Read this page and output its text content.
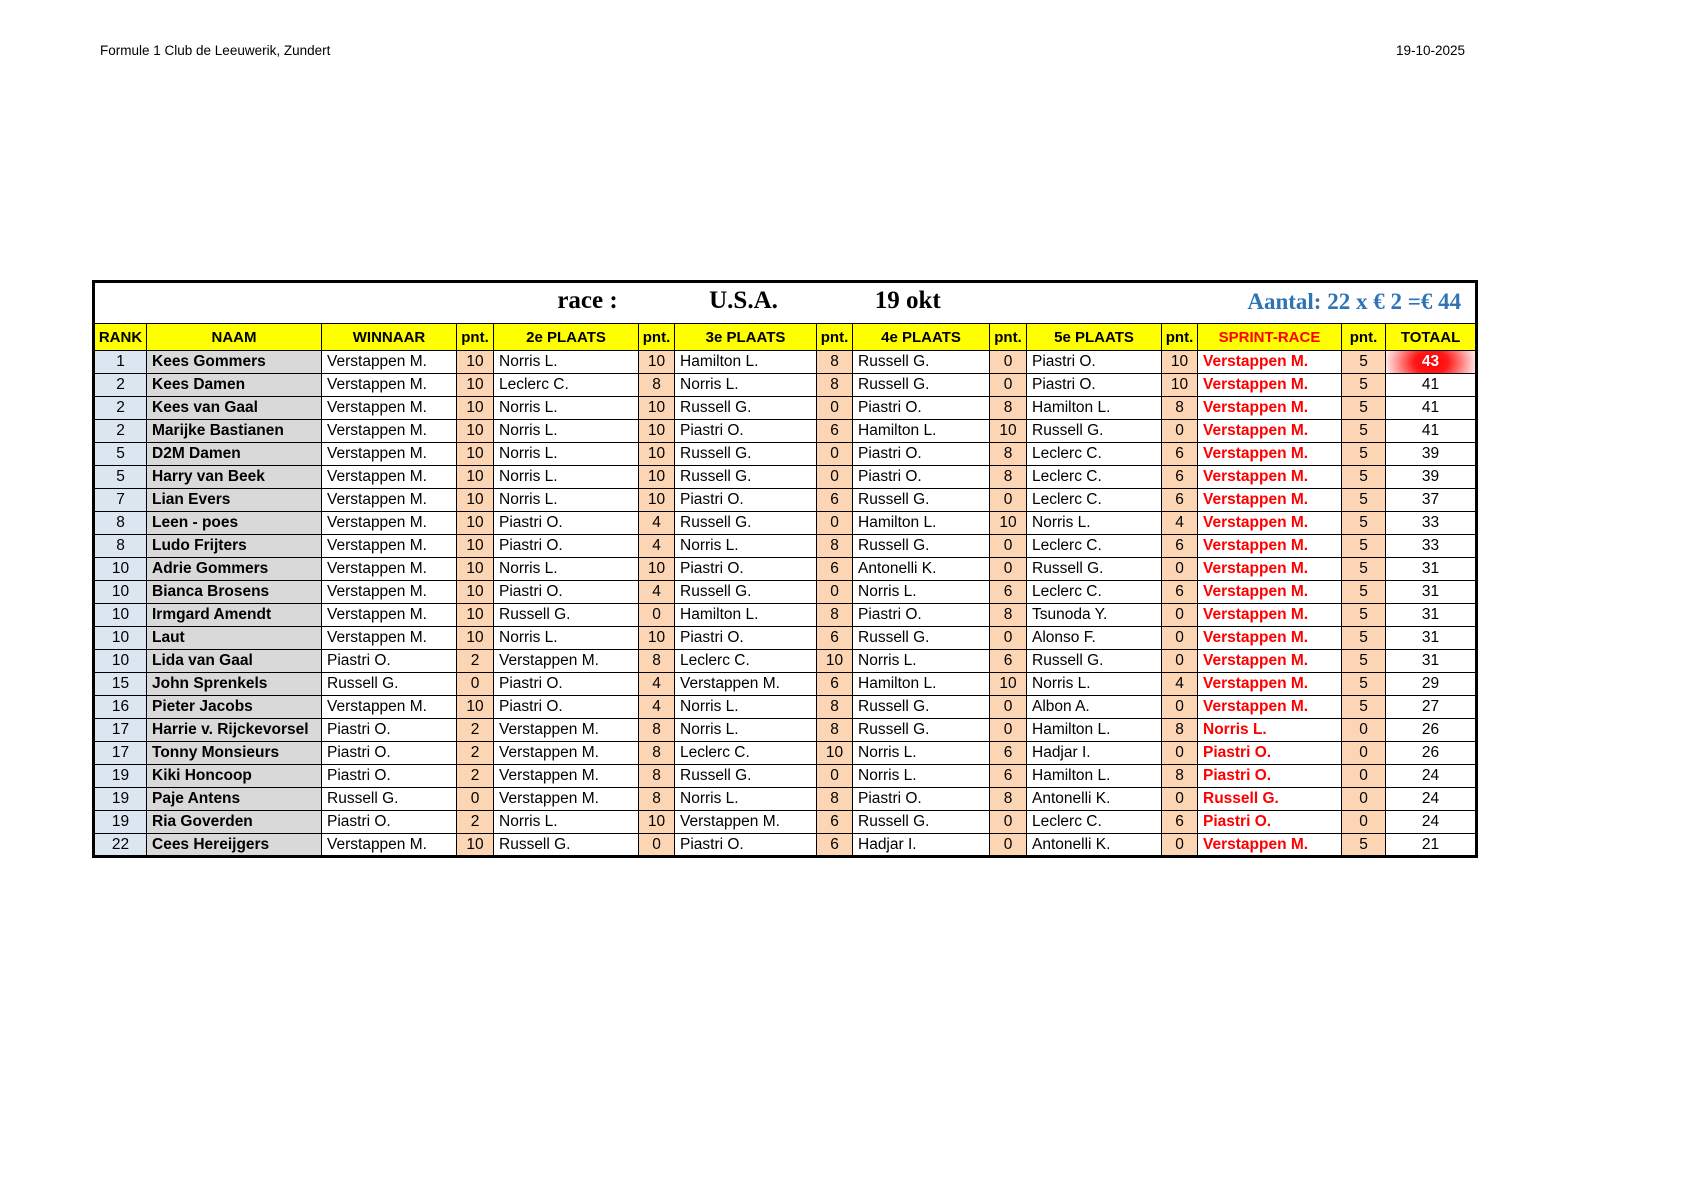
Formule 1 Club de Leeuwerik, Zundert	19-10-2025
race : U.S.A. 19 okt Aantal: 22 x € 2 =€ 44														

RANK	NAAM	WINNAAR	pnt.	2e PLAATS	pnt.	3e PLAATS	pnt.	4e PLAATS	pnt.	5e PLAATS	pnt.	SPRINT-RACE	pnt.	TOTAAL
1	Kees Gommers	Verstappen M.	10	Norris L.	10	Hamilton L.	8	Russell G.	0	Piastri O.	10	Verstappen M.	5	43
2	Kees Damen	Verstappen M.	10	Leclerc C.	8	Norris L.	8	Russell G.	0	Piastri O.	10	Verstappen M.	5	41
2	Kees van Gaal	Verstappen M.	10	Norris L.	10	Russell G.	0	Piastri O.	8	Hamilton L.	8	Verstappen M.	5	41
2	Marijke Bastianen	Verstappen M.	10	Norris L.	10	Piastri O.	6	Hamilton L.	10	Russell G.	0	Verstappen M.	5	41
5	D2M Damen	Verstappen M.	10	Norris L.	10	Russell G.	0	Piastri O.	8	Leclerc C.	6	Verstappen M.	5	39
5	Harry van Beek	Verstappen M.	10	Norris L.	10	Russell G.	0	Piastri O.	8	Leclerc C.	6	Verstappen M.	5	39
7	Lian Evers	Verstappen M.	10	Norris L.	10	Piastri O.	6	Russell G.	0	Leclerc C.	6	Verstappen M.	5	37
8	Leen - poes	Verstappen M.	10	Piastri O.	4	Russell G.	0	Hamilton L.	10	Norris L.	4	Verstappen M.	5	33
8	Ludo Frijters	Verstappen M.	10	Piastri O.	4	Norris L.	8	Russell G.	0	Leclerc C.	6	Verstappen M.	5	33
10	Adrie Gommers	Verstappen M.	10	Norris L.	10	Piastri O.	6	Antonelli K.	0	Russell G.	0	Verstappen M.	5	31
10	Bianca Brosens	Verstappen M.	10	Piastri O.	4	Russell G.	0	Norris L.	6	Leclerc C.	6	Verstappen M.	5	31
10	Irmgard Amendt	Verstappen M.	10	Russell G.	0	Hamilton L.	8	Piastri O.	8	Tsunoda Y.	0	Verstappen M.	5	31
10	Laut	Verstappen M.	10	Norris L.	10	Piastri O.	6	Russell G.	0	Alonso F.	0	Verstappen M.	5	31
10	Lida van Gaal	Piastri O.	2	Verstappen M.	8	Leclerc C.	10	Norris L.	6	Russell G.	0	Verstappen M.	5	31
15	John Sprenkels	Russell G.	0	Piastri O.	4	Verstappen M.	6	Hamilton L.	10	Norris L.	4	Verstappen M.	5	29
16	Pieter Jacobs	Verstappen M.	10	Piastri O.	4	Norris L.	8	Russell G.	0	Albon A.	0	Verstappen M.	5	27
17	Harrie v. Rijckevorsel	Piastri O.	2	Verstappen M.	8	Norris L.	8	Russell G.	0	Hamilton L.	8	Norris L.	0	26
17	Tonny Monsieurs	Piastri O.	2	Verstappen M.	8	Leclerc C.	10	Norris L.	6	Hadjar I.	0	Piastri O.	0	26
19	Kiki Honcoop	Piastri O.	2	Verstappen M.	8	Russell G.	0	Norris L.	6	Hamilton L.	8	Piastri O.	0	24
19	Paje Antens	Russell G.	0	Verstappen M.	8	Norris L.	8	Piastri O.	8	Antonelli K.	0	Russell G.	0	24
19	Ria Goverden	Piastri O.	2	Norris L.	10	Verstappen M.	6	Russell G.	0	Leclerc C.	6	Piastri O.	0	24
22	Cees Hereijgers	Verstappen M.	10	Russell G.	0	Piastri O.	6	Hadjar I.	0	Antonelli K.	0	Verstappen M.	5	21
